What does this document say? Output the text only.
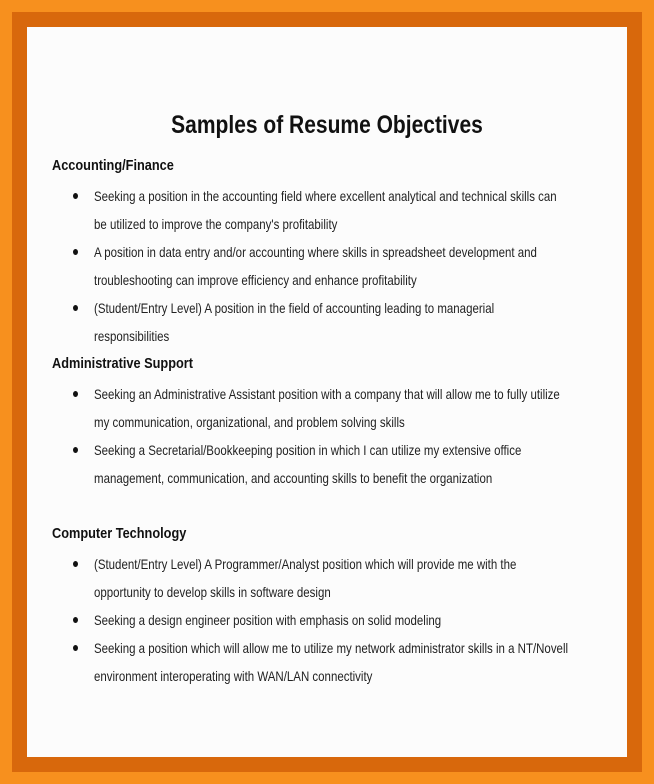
Samples of Resume Objectives
Accounting/Finance
Seeking a position in the accounting field where excellent analytical and technical skills can be utilized to improve the company's profitability
A position in data entry and/or accounting where skills in spreadsheet development and troubleshooting can improve efficiency and enhance profitability
(Student/Entry Level) A position in the field of accounting leading to managerial responsibilities
Administrative Support
Seeking an Administrative Assistant position with a company that will allow me to fully utilize my communication, organizational, and problem solving skills
Seeking a Secretarial/Bookkeeping position in which I can utilize my extensive office management, communication, and accounting skills to benefit the organization
Computer Technology
(Student/Entry Level) A Programmer/Analyst position which will provide me with the opportunity to develop skills in software design
Seeking a design engineer position with emphasis on solid modeling
Seeking a position which will allow me to utilize my network administrator skills in a NT/Novell environment interoperating with WAN/LAN connectivity
